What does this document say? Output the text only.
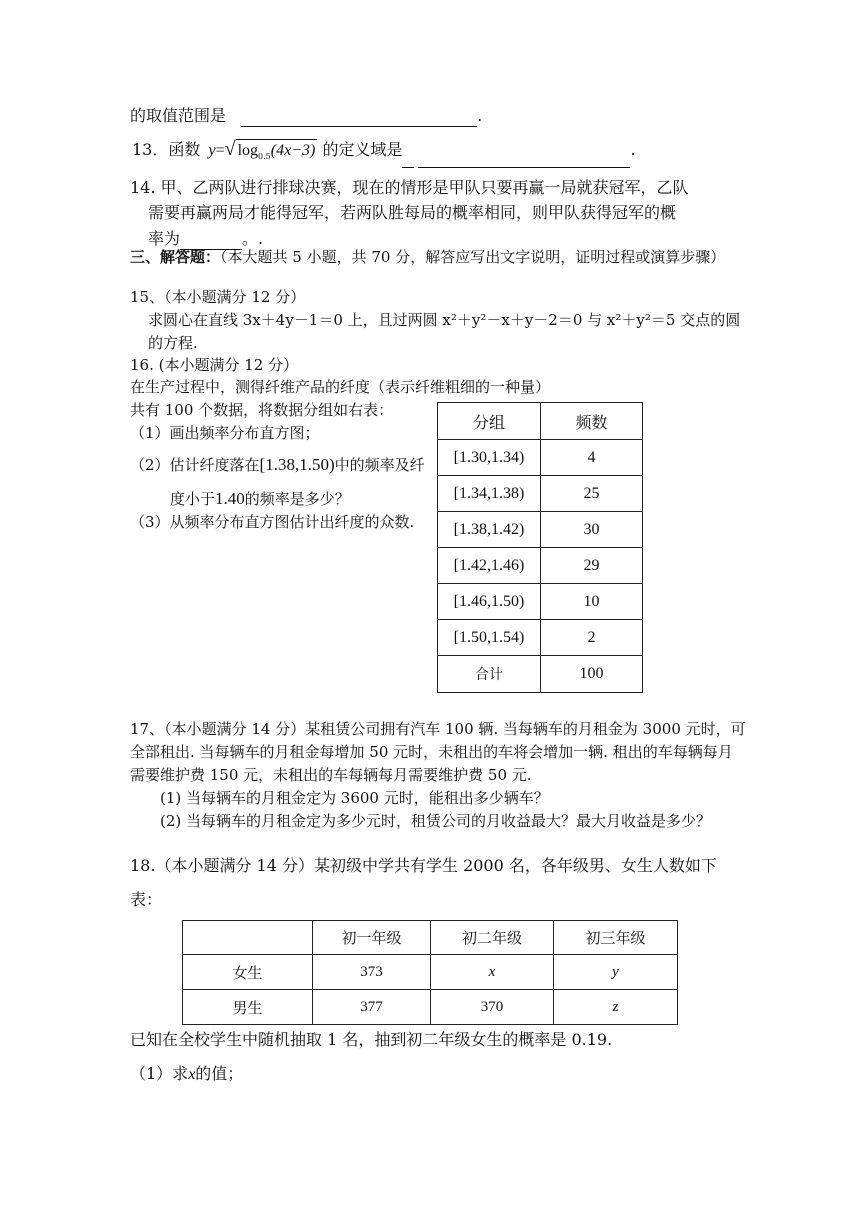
的取值范围是	.
13．函数 y=√ $\log_{0.5}(4x-3)$ 的定义域是	.
14. 甲、乙两队进行排球决赛，现在的情形是甲队只要再赢一局就获冠军，乙队
需要再赢两局才能得冠军，若两队胜每局的概率相同，则甲队获得冠军的概
率为	。.
三、解答题：（本大题共 5 小题，共 70 分，解答应写出文字说明，证明过程或演算步骤）
15、（本小题满分 12 分）
求圆心在直线 3x＋4y－1＝0 上，且过两圆 x²＋y²－x＋y－2＝0 与 x²＋y²＝5 交点的圆
的方程.
16. (本小题满分 12 分）
在生产过程中，测得纤维产品的纤度（表示纤维粗细的一种量）
共有 100 个数据，将数据分组如右表：
（1）画出频率分布直方图；
（2）估计纤度落在[1.38,1.50)中的频率及纤
度小于1.40的频率是多少？
（3）从频率分布直方图估计出纤度的众数.
分组	频数
[1.30,1.34)	4
[1.34,1.38)	25
[1.38,1.42)	30
[1.42,1.46)	29
[1.46,1.50)	10
[1.50,1.54)	2
合计	100
17、（本小题满分 14 分）某租赁公司拥有汽车 100 辆. 当每辆车的月租金为 3000 元时，可
全部租出. 当每辆车的月租金每增加 50 元时，未租出的车将会增加一辆. 租出的车每辆每月
需要维护费 150 元，未租出的车每辆每月需要维护费 50 元.
(1) 当每辆车的月租金定为 3600 元时，能租出多少辆车？
(2) 当每辆车的月租金定为多少元时，租赁公司的月收益最大？最大月收益是多少？
18.（本小题满分 14 分）某初级中学共有学生 2000 名，各年级男、女生人数如下
表：
	初一年级	初二年级	初三年级
女生	373	x	y
男生	377	370	z
已知在全校学生中随机抽取 1 名，抽到初二年级女生的概率是 0.19.
（1）求x的值；
